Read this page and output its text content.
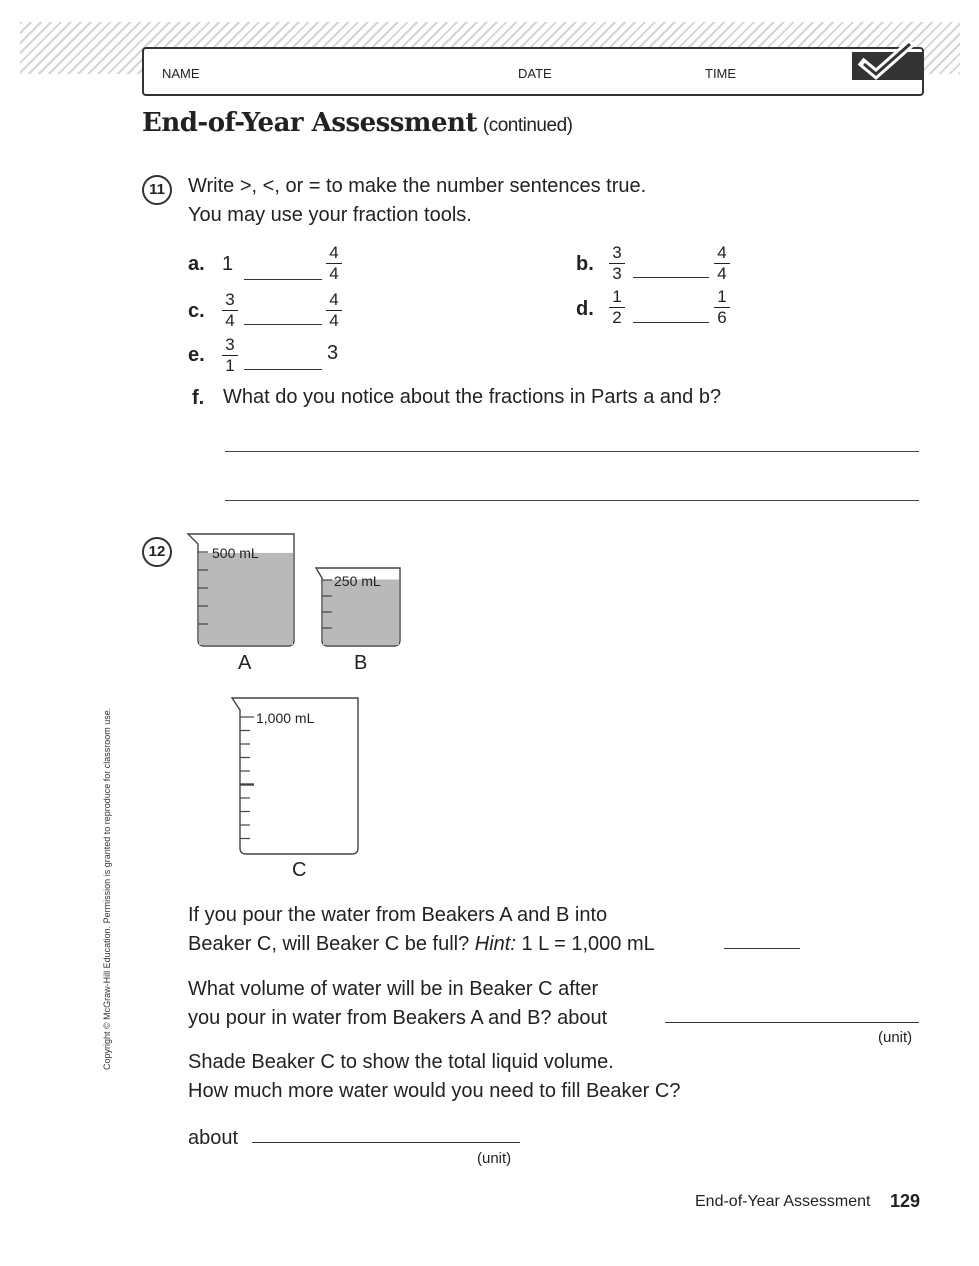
NAME	DATE	TIME
End-of-Year Assessment (continued)
11	Write >, <, or = to make the number sentences true.
You may use your fraction tools.
a. 1	$\frac{4}{4}$	b. $\frac{3}{3}$	$\frac{4}{4}$
c. $\frac{3}{4}$	$\frac{4}{4}$	d. $\frac{1}{2}$	$\frac{1}{6}$
e. $\frac{3}{1}$	3
f. What do you notice about the fractions in Parts a and b?
12	500 mL
A
250 mL
B
1,000 mL
C
If you pour the water from Beakers A and B into
Beaker C, will Beaker C be full? Hint: 1 L = 1,000 mL
What volume of water will be in Beaker C after
you pour in water from Beakers A and B? about
(unit)
Shade Beaker C to show the total liquid volume.
How much more water would you need to fill Beaker C?
about
(unit)
Copyright © McGraw-Hill Education. Permission is granted to reproduce for classroom use.
End-of-Year Assessment 129
